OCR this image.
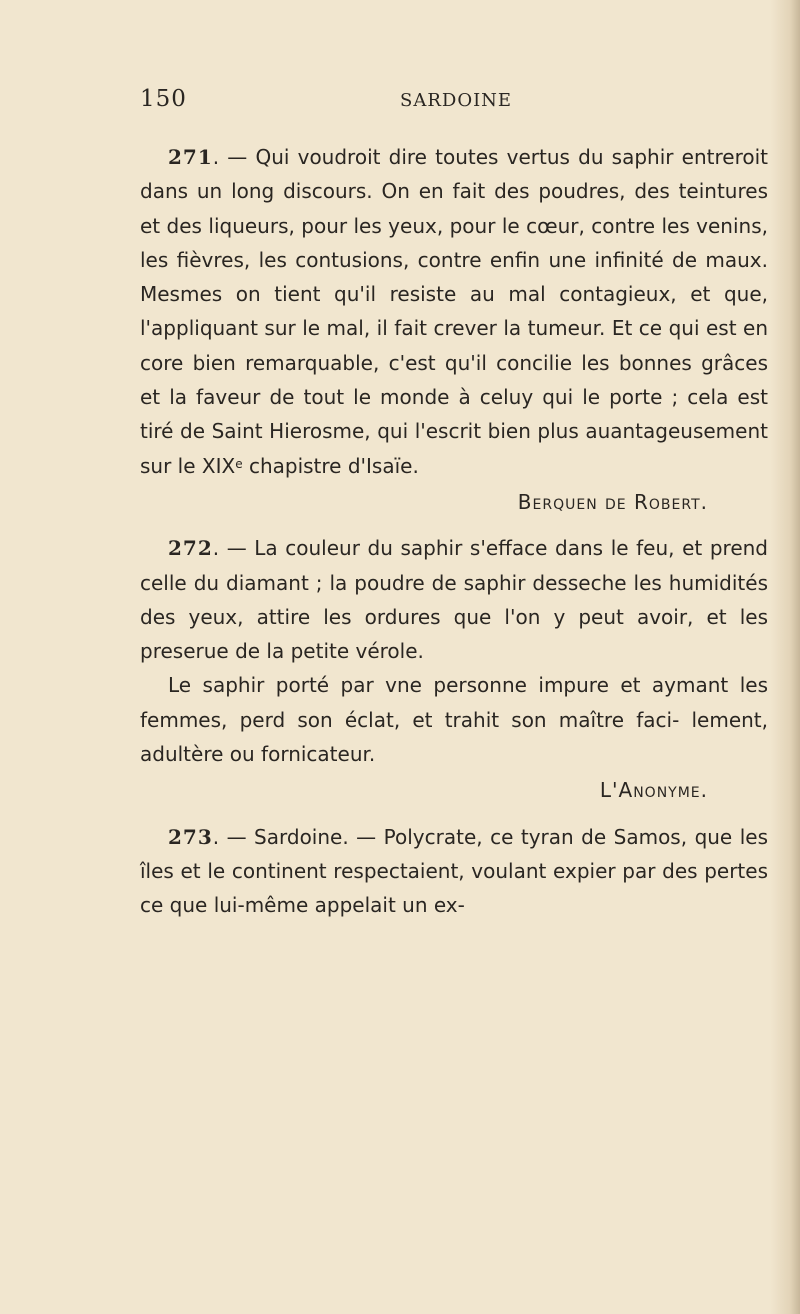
150	SARDOINE

271. — Qui voudroit dire toutes vertus du saphir entreroit dans un long discours. On en fait des poudres, des teintures et des liqueurs, pour les yeux, pour le cœur, contre les venins, les fièvres, les contusions, contre enfin une infinité de maux. Mesmes on tient qu'il resiste au mal contagieux, et que, l'appliquant sur le mal, il fait crever la tumeur. Et ce qui est en core bien remarquable, c'est qu'il concilie les bonnes grâces et la faveur de tout le monde à celuy qui le porte ; cela est tiré de Saint Hierosme, qui l'escrit bien plus auantageusement sur le XIXe chapistre d'Isaïe.

Berquen de Robert.

272. — La couleur du saphir s'efface dans le feu, et prend celle du diamant ; la poudre de saphir desseche les humidités des yeux, attire les ordures que l'on y peut avoir, et les preserue de la petite vérole.

Le saphir porté par vne personne impure et aymant les femmes, perd son éclat, et trahit son maître faci- lement, adultère ou fornicateur.

L'Anonyme.

273. — Sardoine. — Polycrate, ce tyran de Samos, que les îles et le continent respectaient, voulant expier par des pertes ce que lui-même appelait un ex-
